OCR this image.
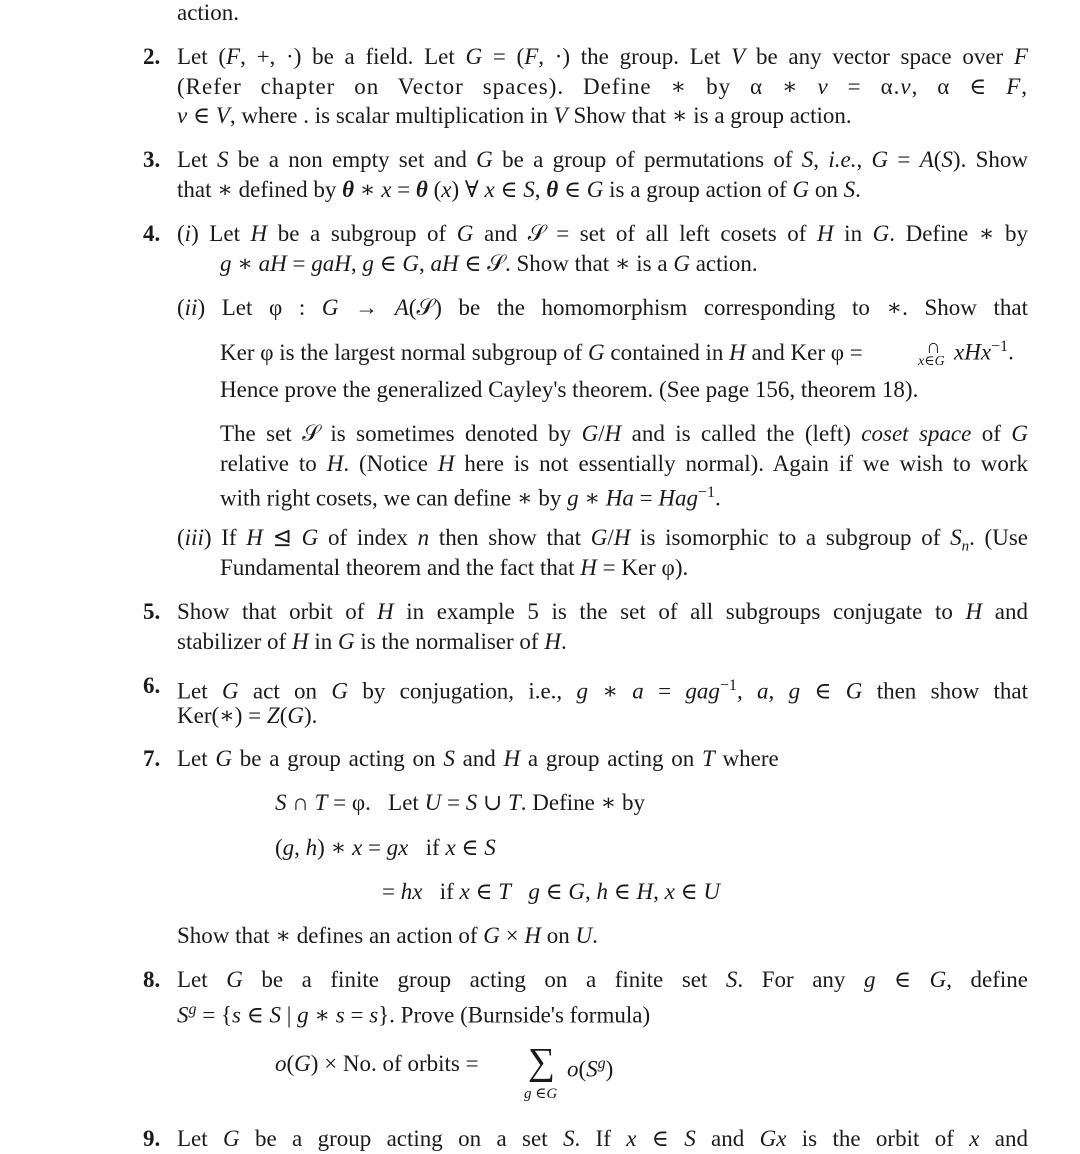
2.
3.
4.
5.
6.
7.
8.
9.
action.
Let (F, +, ·) be a field. Let G = (F, ·) the group. Let V be any vector space over F
(Refer chapter on Vector spaces). Define ∗ by α ∗ v = α.v, α ∈ F,
v ∈ V, where . is scalar multiplication in V Show that ∗ is a group action.
Let S be a non empty set and G be a group of permutations of S, i.e., G = A(S). Show
that ∗ defined by θ ∗ x = θ (x) ∀ x ∈ S, θ ∈ G is a group action of G on S.
(i) Let H be a subgroup of G and 𝒮 = set of all left cosets of H in G. Define ∗ by
g ∗ aH = gaH, g ∈ G, aH ∈ 𝒮. Show that ∗ is a G action.
(ii) Let φ : G → A(𝒮) be the homomorphism corresponding to ∗. Show that
Ker φ is the largest normal subgroup of G contained in H and Ker φ =	∩
x∈G xHx$^{-1}$.
Hence prove the generalized Cayley's theorem. (See page 156, theorem 18).
The set 𝒮 is sometimes denoted by G/H and is called the (left) coset space of G
relative to H. (Notice H here is not essentially normal). Again if we wish to work
with right cosets, we can define ∗ by g ∗ Ha = Hag$^{-1}$.
(iii) If H ⊴ G of index n then show that G/H is isomorphic to a subgroup of $S_n$. (Use
Fundamental theorem and the fact that H = Ker φ).
Show that orbit of H in example 5 is the set of all subgroups conjugate to H and
stabilizer of H in G is the normaliser of H.
Let G act on G by conjugation, i.e., g ∗ a = gag$^{-1}$, a, g ∈ G then show that
Ker(∗) = Z(G).
Let G be a group acting on S and H a group acting on T where
S ∩ T = φ.   Let U = S ∪ T. Define ∗ by
(g, h) ∗ x = gx   if x ∈ S
= hx   if x ∈ T g ∈ G, h ∈ H, x ∈ U
Show that ∗ defines an action of G × H on U.
Let G be a finite group acting on a finite set S. For any g ∈ G, define
$S^g = \{s$ ∈ S | g ∗ s = s}. Prove (Burnside's formula)
o(G) × No. of orbits = ∑
g ∈G
$o(S^g)$
Let G be a group acting on a set S. If x ∈ S and Gx is the orbit of x and
